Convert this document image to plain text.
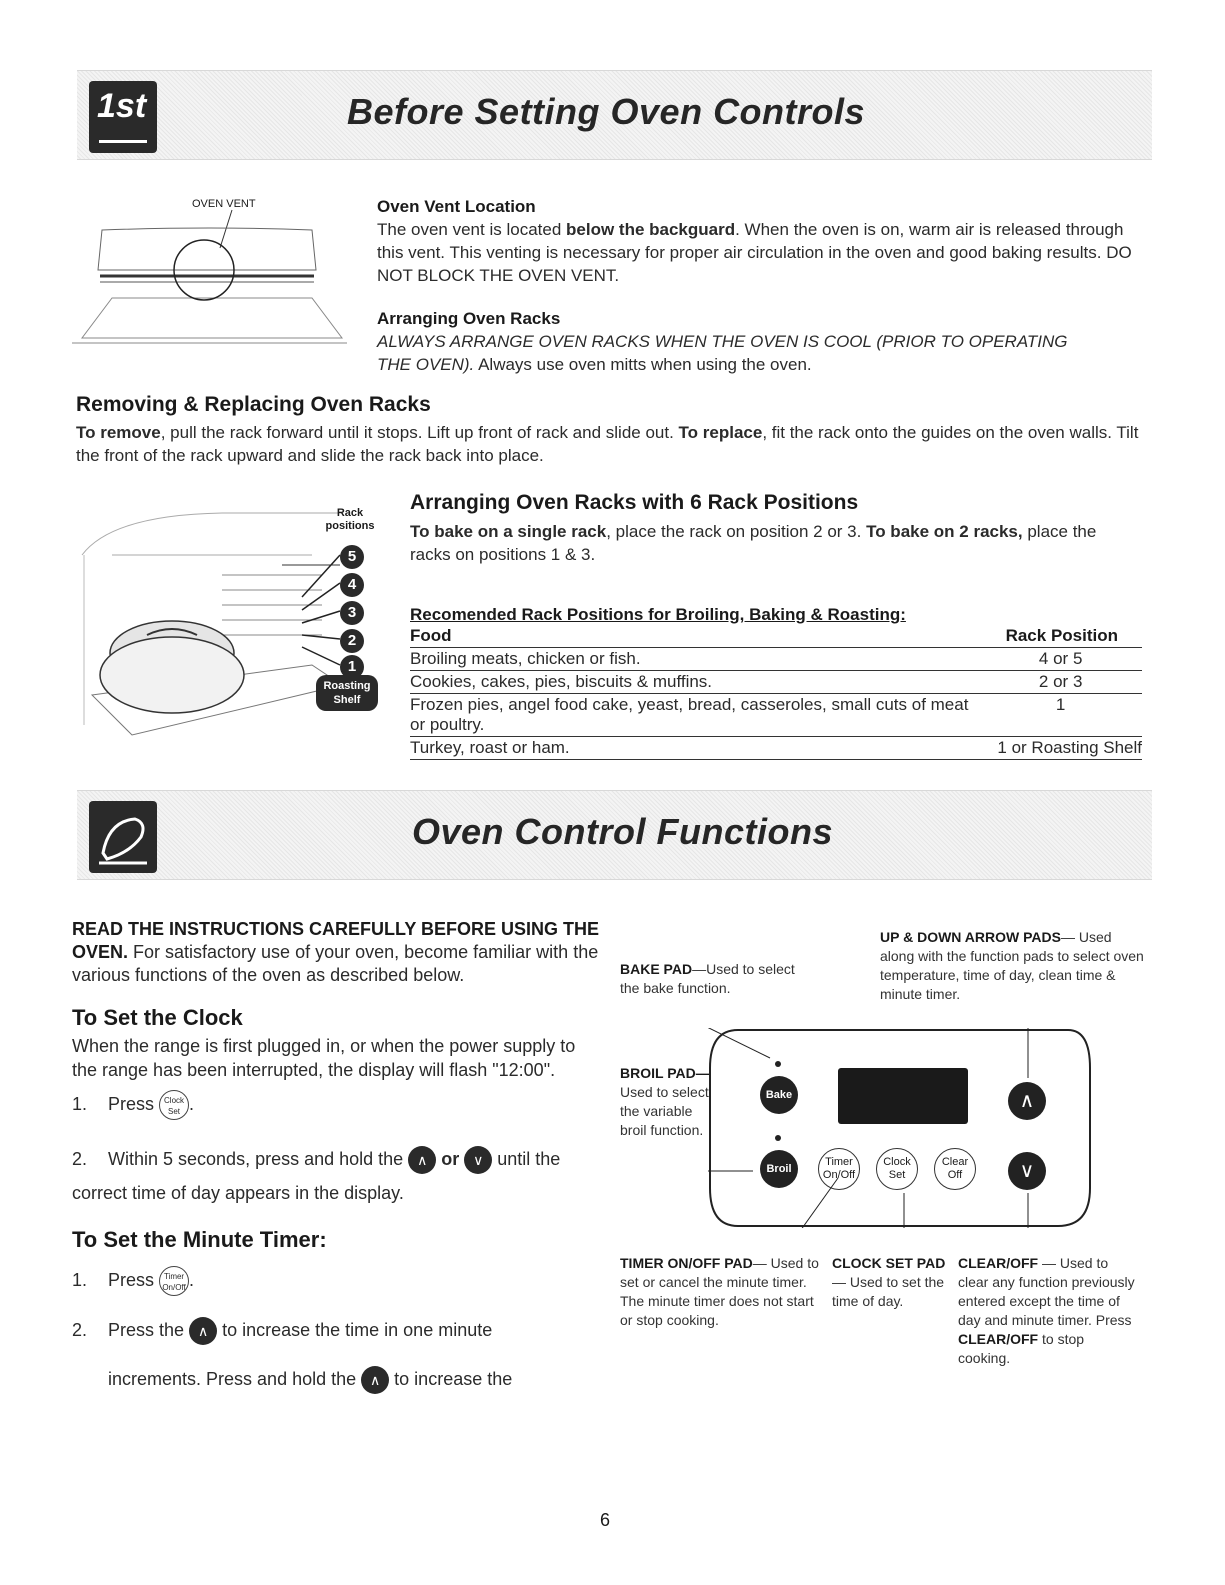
1st	Before Setting Oven Controls
OVEN VENT	Oven Vent Location
The oven vent is located below the backguard. When the oven is on, warm air is released through this vent. This venting is necessary for proper air circulation in the oven and good baking results. DO NOT BLOCK THE OVEN VENT.
Arranging Oven Racks
ALWAYS ARRANGE OVEN RACKS WHEN THE OVEN IS COOL (PRIOR TO OPERATING THE OVEN). Always use oven mitts when using the oven.
Removing & Replacing Oven Racks
To remove, pull the rack forward until it stops. Lift up front of rack and slide out. To replace, fit the rack onto the guides on the oven walls. Tilt the front of the rack upward and slide the rack back into place.
Rack positions
5
4
3
2
1
Roasting Shelf
Arranging Oven Racks with 6 Rack Positions
To bake on a single rack, place the rack on position 2 or 3. To bake on 2 racks, place the racks on positions 1 & 3.
Recomended Rack Positions for Broiling, Baking & Roasting:
Food	Rack Position
Broiling meats, chicken or fish.	4 or 5
Cookies, cakes, pies, biscuits & muffins.	2 or 3
Frozen pies, angel food cake, yeast, bread, casseroles, small cuts of meat or poultry.	1
Turkey, roast or ham.	1 or Roasting Shelf
Oven Control Functions
READ THE INSTRUCTIONS CAREFULLY BEFORE USING THE OVEN. For satisfactory use of your oven, become familiar with the various functions of the oven as described below.
To Set the Clock
When the range is first plugged in, or when the power supply to the range has been interrupted, the display will flash "12:00".
1. Press Clock Set .
2. Within 5 seconds, press and hold the ∧ or ∨ until the correct time of day appears in the display.
To Set the Minute Timer:
1. Press Timer On/Off .
2. Press the ∧ to increase the time in one minute
increments. Press and hold the ∧ to increase the
BAKE PAD—Used to select the bake function.
BROIL PAD— Used to select the variable broil function.
UP & DOWN ARROW PADS— Used along with the function pads to select oven temperature, time of day, clean time & minute timer.
Bake
Broil
∧
∨
Timer On/Off
Clock Set
Clear Off
TIMER ON/OFF PAD— Used to set or cancel the minute timer. The minute timer does not start or stop cooking.
CLOCK SET PAD— Used to set the time of day.
CLEAR/OFF — Used to clear any function previously entered except the time of day and minute timer. Press CLEAR/OFF to stop cooking.
6
